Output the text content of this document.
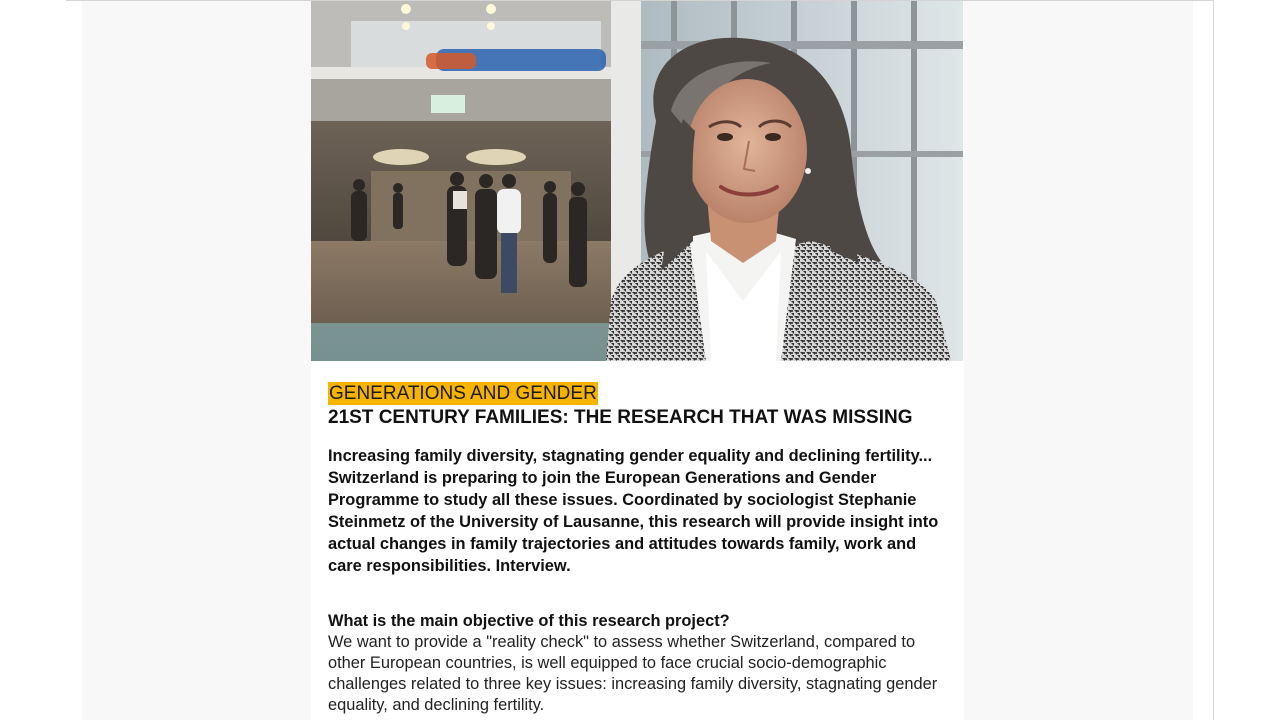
GENERATIONS AND GENDER
21ST CENTURY FAMILIES: THE RESEARCH THAT WAS MISSING

Increasing family diversity, stagnating gender equality and declining fertility... Switzerland is preparing to join the European Generations and Gender Programme to study all these issues. Coordinated by sociologist Stephanie Steinmetz of the University of Lausanne, this research will provide insight into actual changes in family trajectories and attitudes towards family, work and care responsibilities. Interview.

What is the main objective of this research project?

We want to provide a "reality check" to assess whether Switzerland, compared to other European countries, is well equipped to face crucial socio-demographic challenges related to three key issues: increasing family diversity, stagnating gender equality, and declining fertility.
